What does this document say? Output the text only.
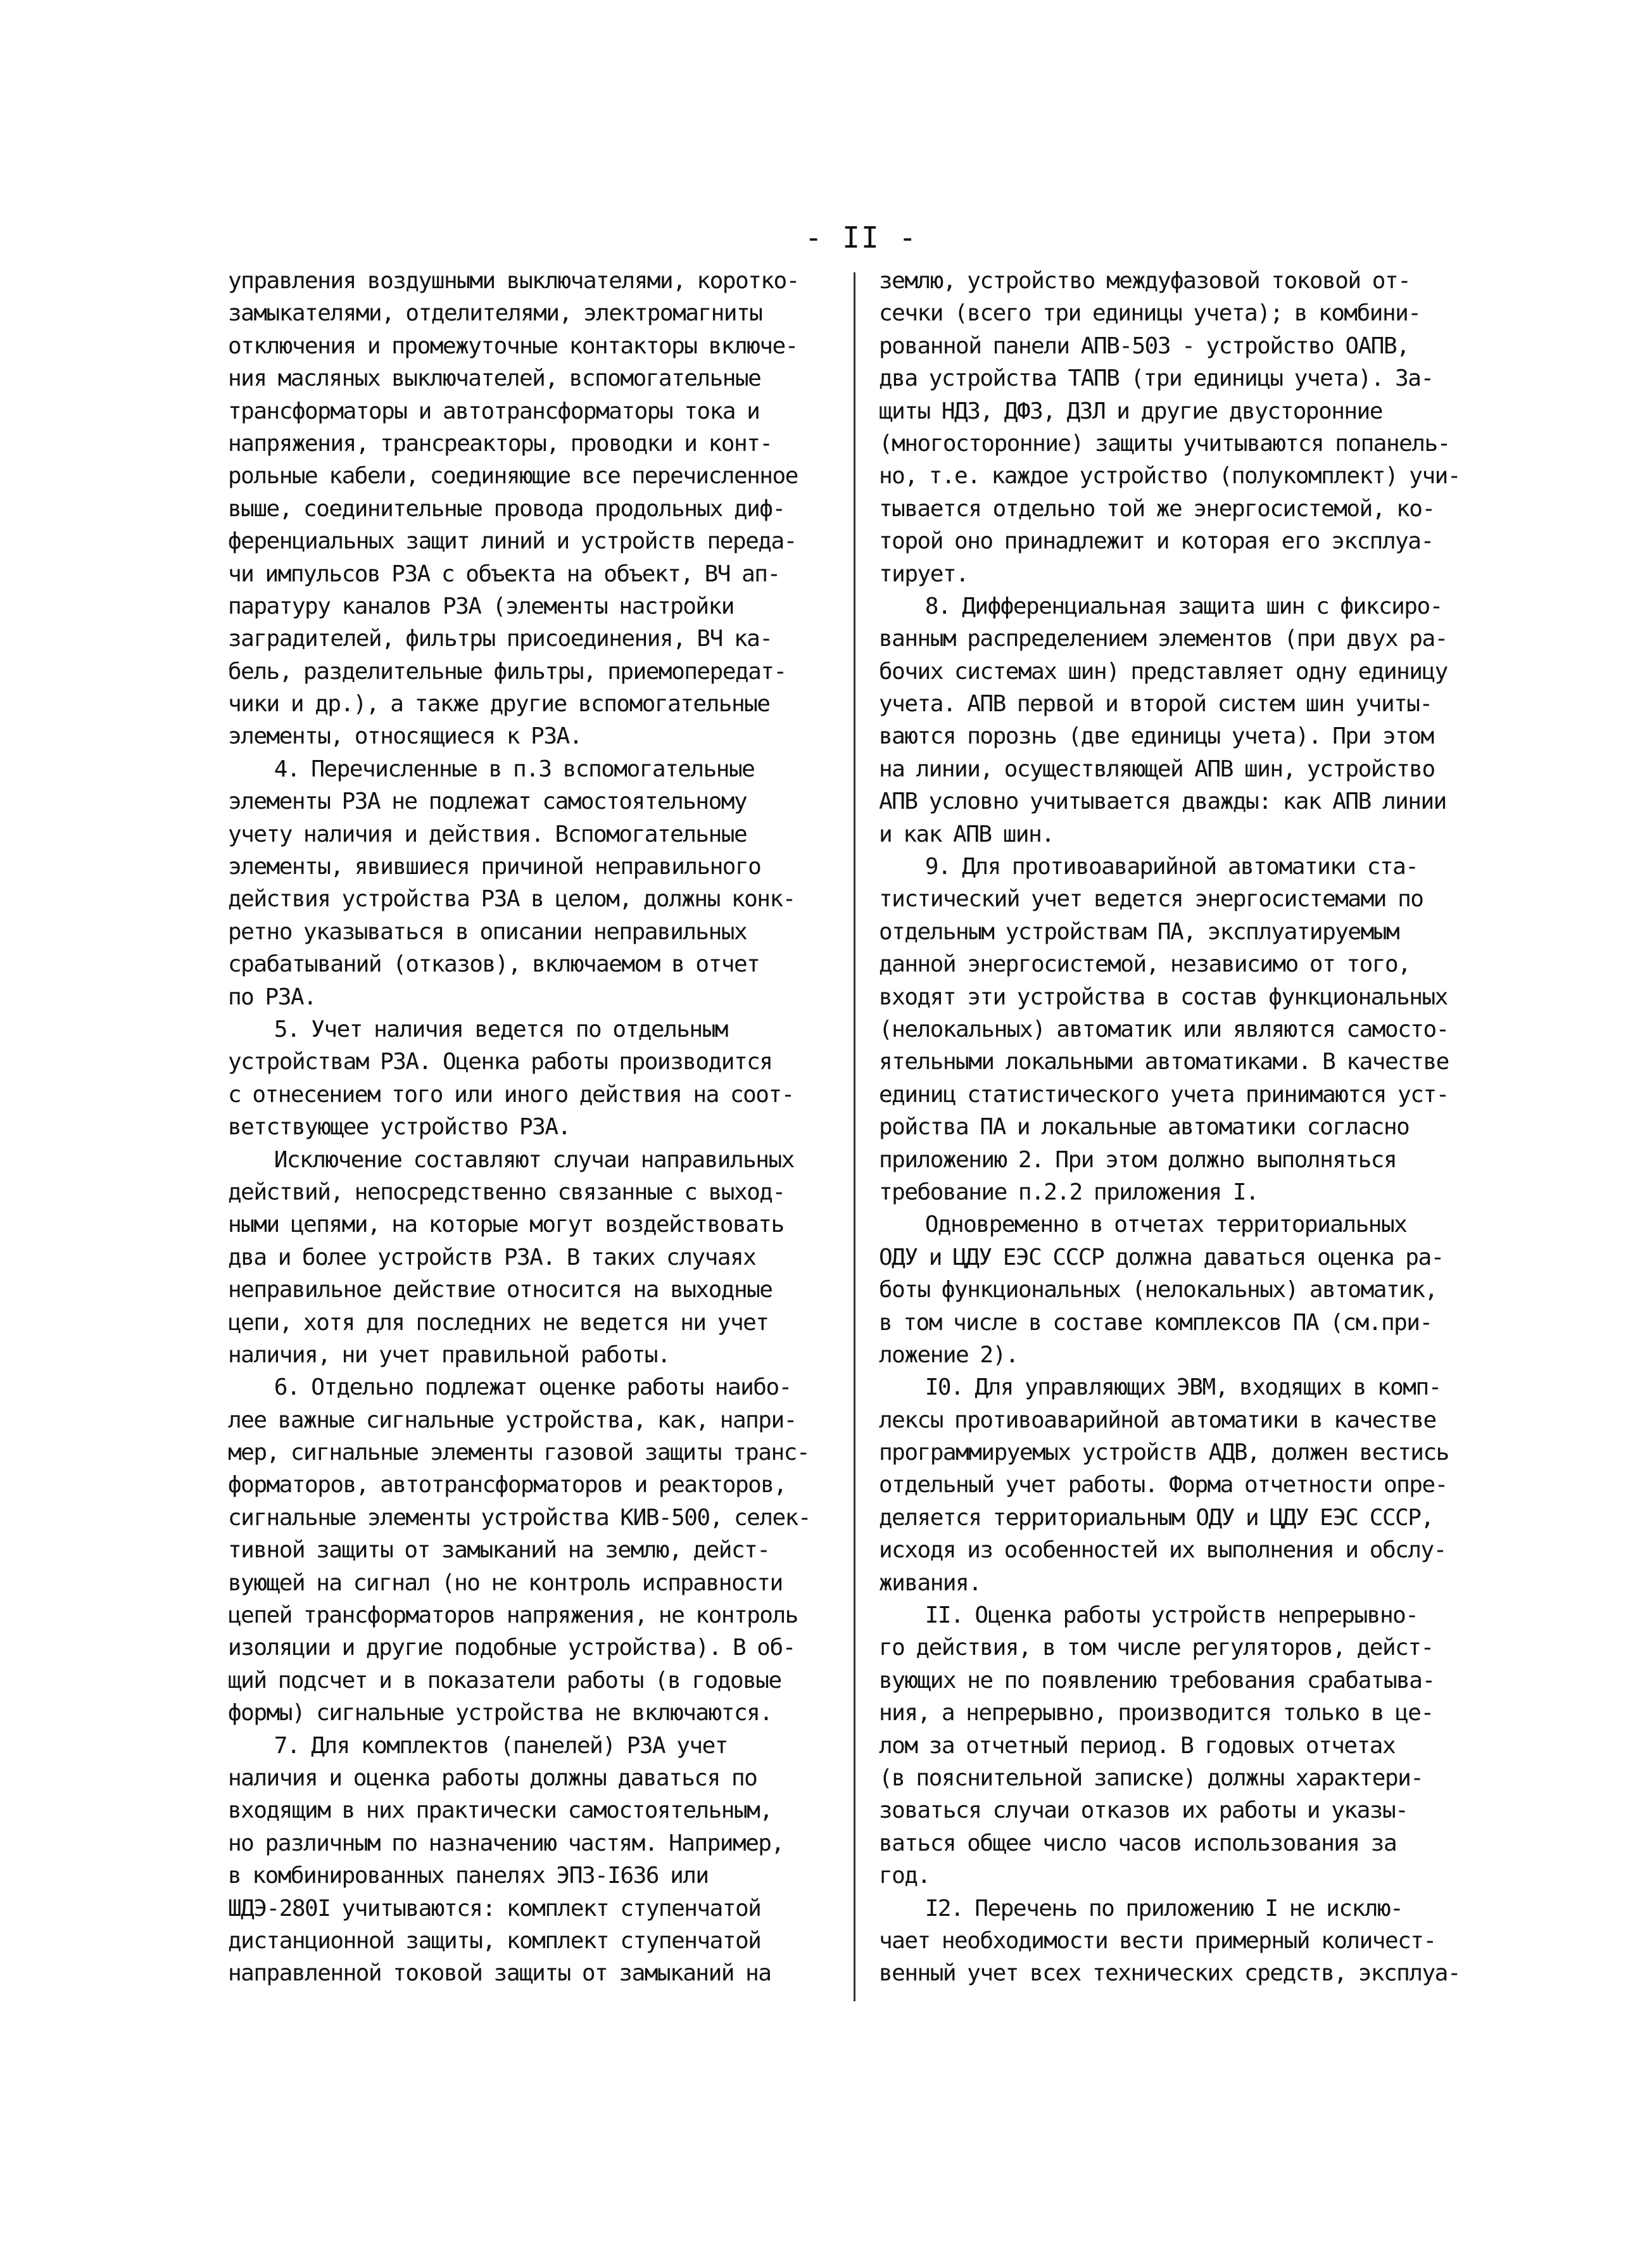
- II -
управления воздушными выключателями, коротко-
замыкателями, отделителями, электромагниты
отключения и промежуточные контакторы включе-
ния масляных выключателей, вспомогательные
трансформаторы и автотрансформаторы тока и
напряжения, трансреакторы, проводки и конт-
рольные кабели, соединяющие все перечисленное
выше, соединительные провода продольных диф-
ференциальных защит линий и устройств переда-
чи импульсов РЗА с объекта на объект, ВЧ ап-
паратуру каналов РЗА (элементы настройки
заградителей, фильтры присоединения, ВЧ ка-
бель, разделительные фильтры, приемопередат-
чики и др.), а также другие вспомогательные
элементы, относящиеся к РЗА.
4. Перечисленные в п.3 вспомогательные
элементы РЗА не подлежат самостоятельному
учету наличия и действия. Вспомогательные
элементы, явившиеся причиной неправильного
действия устройства РЗА в целом, должны конк-
ретно указываться в описании неправильных
срабатываний (отказов), включаемом в отчет
по РЗА.
5. Учет наличия ведется по отдельным
устройствам РЗА. Оценка работы производится
с отнесением того или иного действия на соот-
ветствующее устройство РЗА.
Исключение составляют случаи направильных
действий, непосредственно связанные с выход-
ными цепями, на которые могут воздействовать
два и более устройств РЗА. В таких случаях
неправильное действие относится на выходные
цепи, хотя для последних не ведется ни учет
наличия, ни учет правильной работы.
6. Отдельно подлежат оценке работы наибо-
лее важные сигнальные устройства, как, напри-
мер, сигнальные элементы газовой защиты транс-
форматоров, автотрансформаторов и реакторов,
сигнальные элементы устройства КИВ-500, селек-
тивной защиты от замыканий на землю, дейст-
вующей на сигнал (но не контроль исправности
цепей трансформаторов напряжения, не контроль
изоляции и другие подобные устройства). В об-
щий подсчет и в показатели работы (в годовые
формы) сигнальные устройства не включаются.
7. Для комплектов (панелей) РЗА учет
наличия и оценка работы должны даваться по
входящим в них практически самостоятельным,
но различным по назначению частям. Например,
в комбинированных панелях ЭПЗ-I636 или
ШДЭ-280I учитываются: комплект ступенчатой
дистанционной защиты, комплект ступенчатой
направленной токовой защиты от замыканий на
землю, устройство междуфазовой токовой от-
сечки (всего три единицы учета); в комбини-
рованной панели АПВ-503 - устройство ОАПВ,
два устройства ТАПВ (три единицы учета). За-
щиты НДЗ, ДФЗ, ДЗЛ и другие двусторонние
(многосторонние) защиты учитываются попанель-
но, т.е. каждое устройство (полукомплект) учи-
тывается отдельно той же энергосистемой, ко-
торой оно принадлежит и которая его эксплуа-
тирует.
8. Дифференциальная защита шин с фиксиро-
ванным распределением элементов (при двух ра-
бочих системах шин) представляет одну единицу
учета. АПВ первой и второй систем шин учиты-
ваются порознь (две единицы учета). При этом
на линии, осуществляющей АПВ шин, устройство
АПВ условно учитывается дважды: как АПВ линии
и как АПВ шин.
9. Для противоаварийной автоматики ста-
тистический учет ведется энергосистемами по
отдельным устройствам ПА, эксплуатируемым
данной энергосистемой, независимо от того,
входят эти устройства в состав функциональных
(нелокальных) автоматик или являются самосто-
ятельными локальными автоматиками. В качестве
единиц статистического учета принимаются уст-
ройства ПА и локальные автоматики согласно
приложению 2. При этом должно выполняться
требование п.2.2 приложения I.
Одновременно в отчетах территориальных
ОДУ и ЦДУ ЕЭС СССР должна даваться оценка ра-
боты функциональных (нелокальных) автоматик,
в том числе в составе комплексов ПА (см.при-
ложение 2).
I0. Для управляющих ЭВМ, входящих в комп-
лексы противоаварийной автоматики в качестве
программируемых устройств АДВ, должен вестись
отдельный учет работы. Форма отчетности опре-
деляется территориальным ОДУ и ЦДУ ЕЭС СССР,
исходя из особенностей их выполнения и обслу-
живания.
II. Оценка работы устройств непрерывно-
го действия, в том числе регуляторов, дейст-
вующих не по появлению требования срабатыва-
ния, а непрерывно, производится только в це-
лом за отчетный период. В годовых отчетах
(в пояснительной записке) должны характери-
зоваться случаи отказов их работы и указы-
ваться общее число часов использования за
год.
I2. Перечень по приложению I не исклю-
чает необходимости вести примерный количест-
венный учет всех технических средств, эксплуа-
